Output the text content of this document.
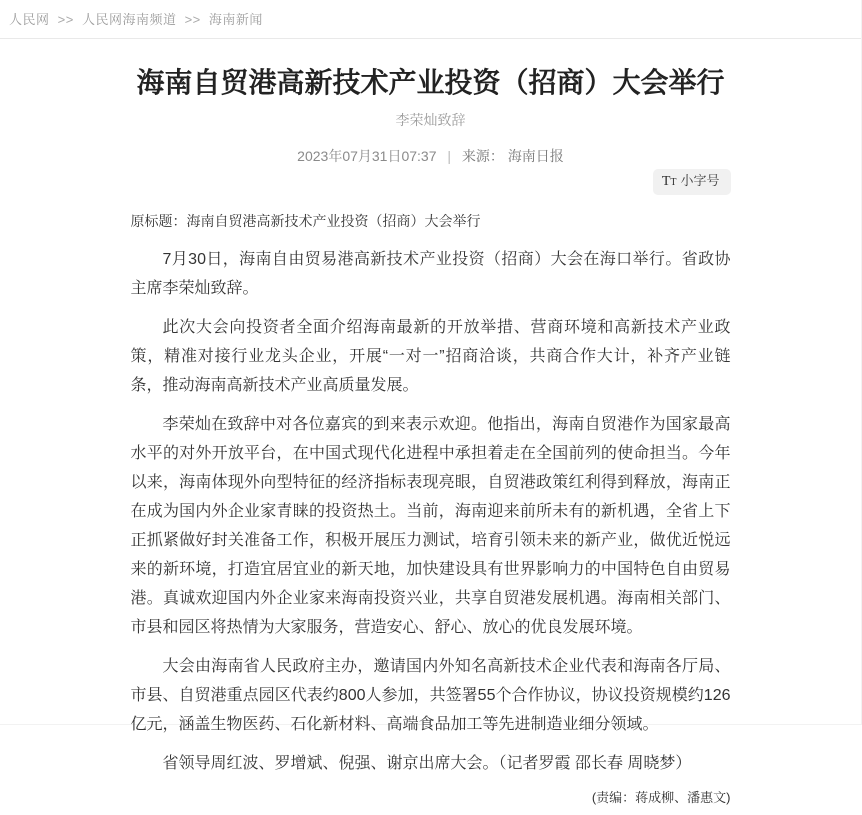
人民网 >> 人民网海南频道 >> 海南新闻
海南自贸港高新技术产业投资（招商）大会举行
李荣灿致辞
2023年07月31日07:37 | 来源： 海南日报
TT 小字号

原标题：海南自贸港高新技术产业投资（招商）大会举行

7月30日，海南自由贸易港高新技术产业投资（招商）大会在海口举行。省政协主席李荣灿致辞。

此次大会向投资者全面介绍海南最新的开放举措、营商环境和高新技术产业政策，精准对接行业龙头企业，开展“一对一”招商洽谈，共商合作大计，补齐产业链条，推动海南高新技术产业高质量发展。

李荣灿在致辞中对各位嘉宾的到来表示欢迎。他指出，海南自贸港作为国家最高水平的对外开放平台，在中国式现代化进程中承担着走在全国前列的使命担当。今年以来，海南体现外向型特征的经济指标表现亮眼，自贸港政策红利得到释放，海南正在成为国内外企业家青睐的投资热土。当前，海南迎来前所未有的新机遇，全省上下正抓紧做好封关准备工作，积极开展压力测试，培育引领未来的新产业，做优近悦远来的新环境，打造宜居宜业的新天地，加快建设具有世界影响力的中国特色自由贸易港。真诚欢迎国内外企业家来海南投资兴业，共享自贸港发展机遇。海南相关部门、市县和园区将热情为大家服务，营造安心、舒心、放心的优良发展环境。

大会由海南省人民政府主办，邀请国内外知名高新技术企业代表和海南各厅局、市县、自贸港重点园区代表约800人参加，共签署55个合作协议，协议投资规模约126亿元，涵盖生物医药、石化新材料、高端食品加工等先进制造业细分领域。

省领导周红波、罗增斌、倪强、谢京出席大会。（记者罗霞 邵长春 周晓梦）

(责编：蒋成柳、潘惠文)
